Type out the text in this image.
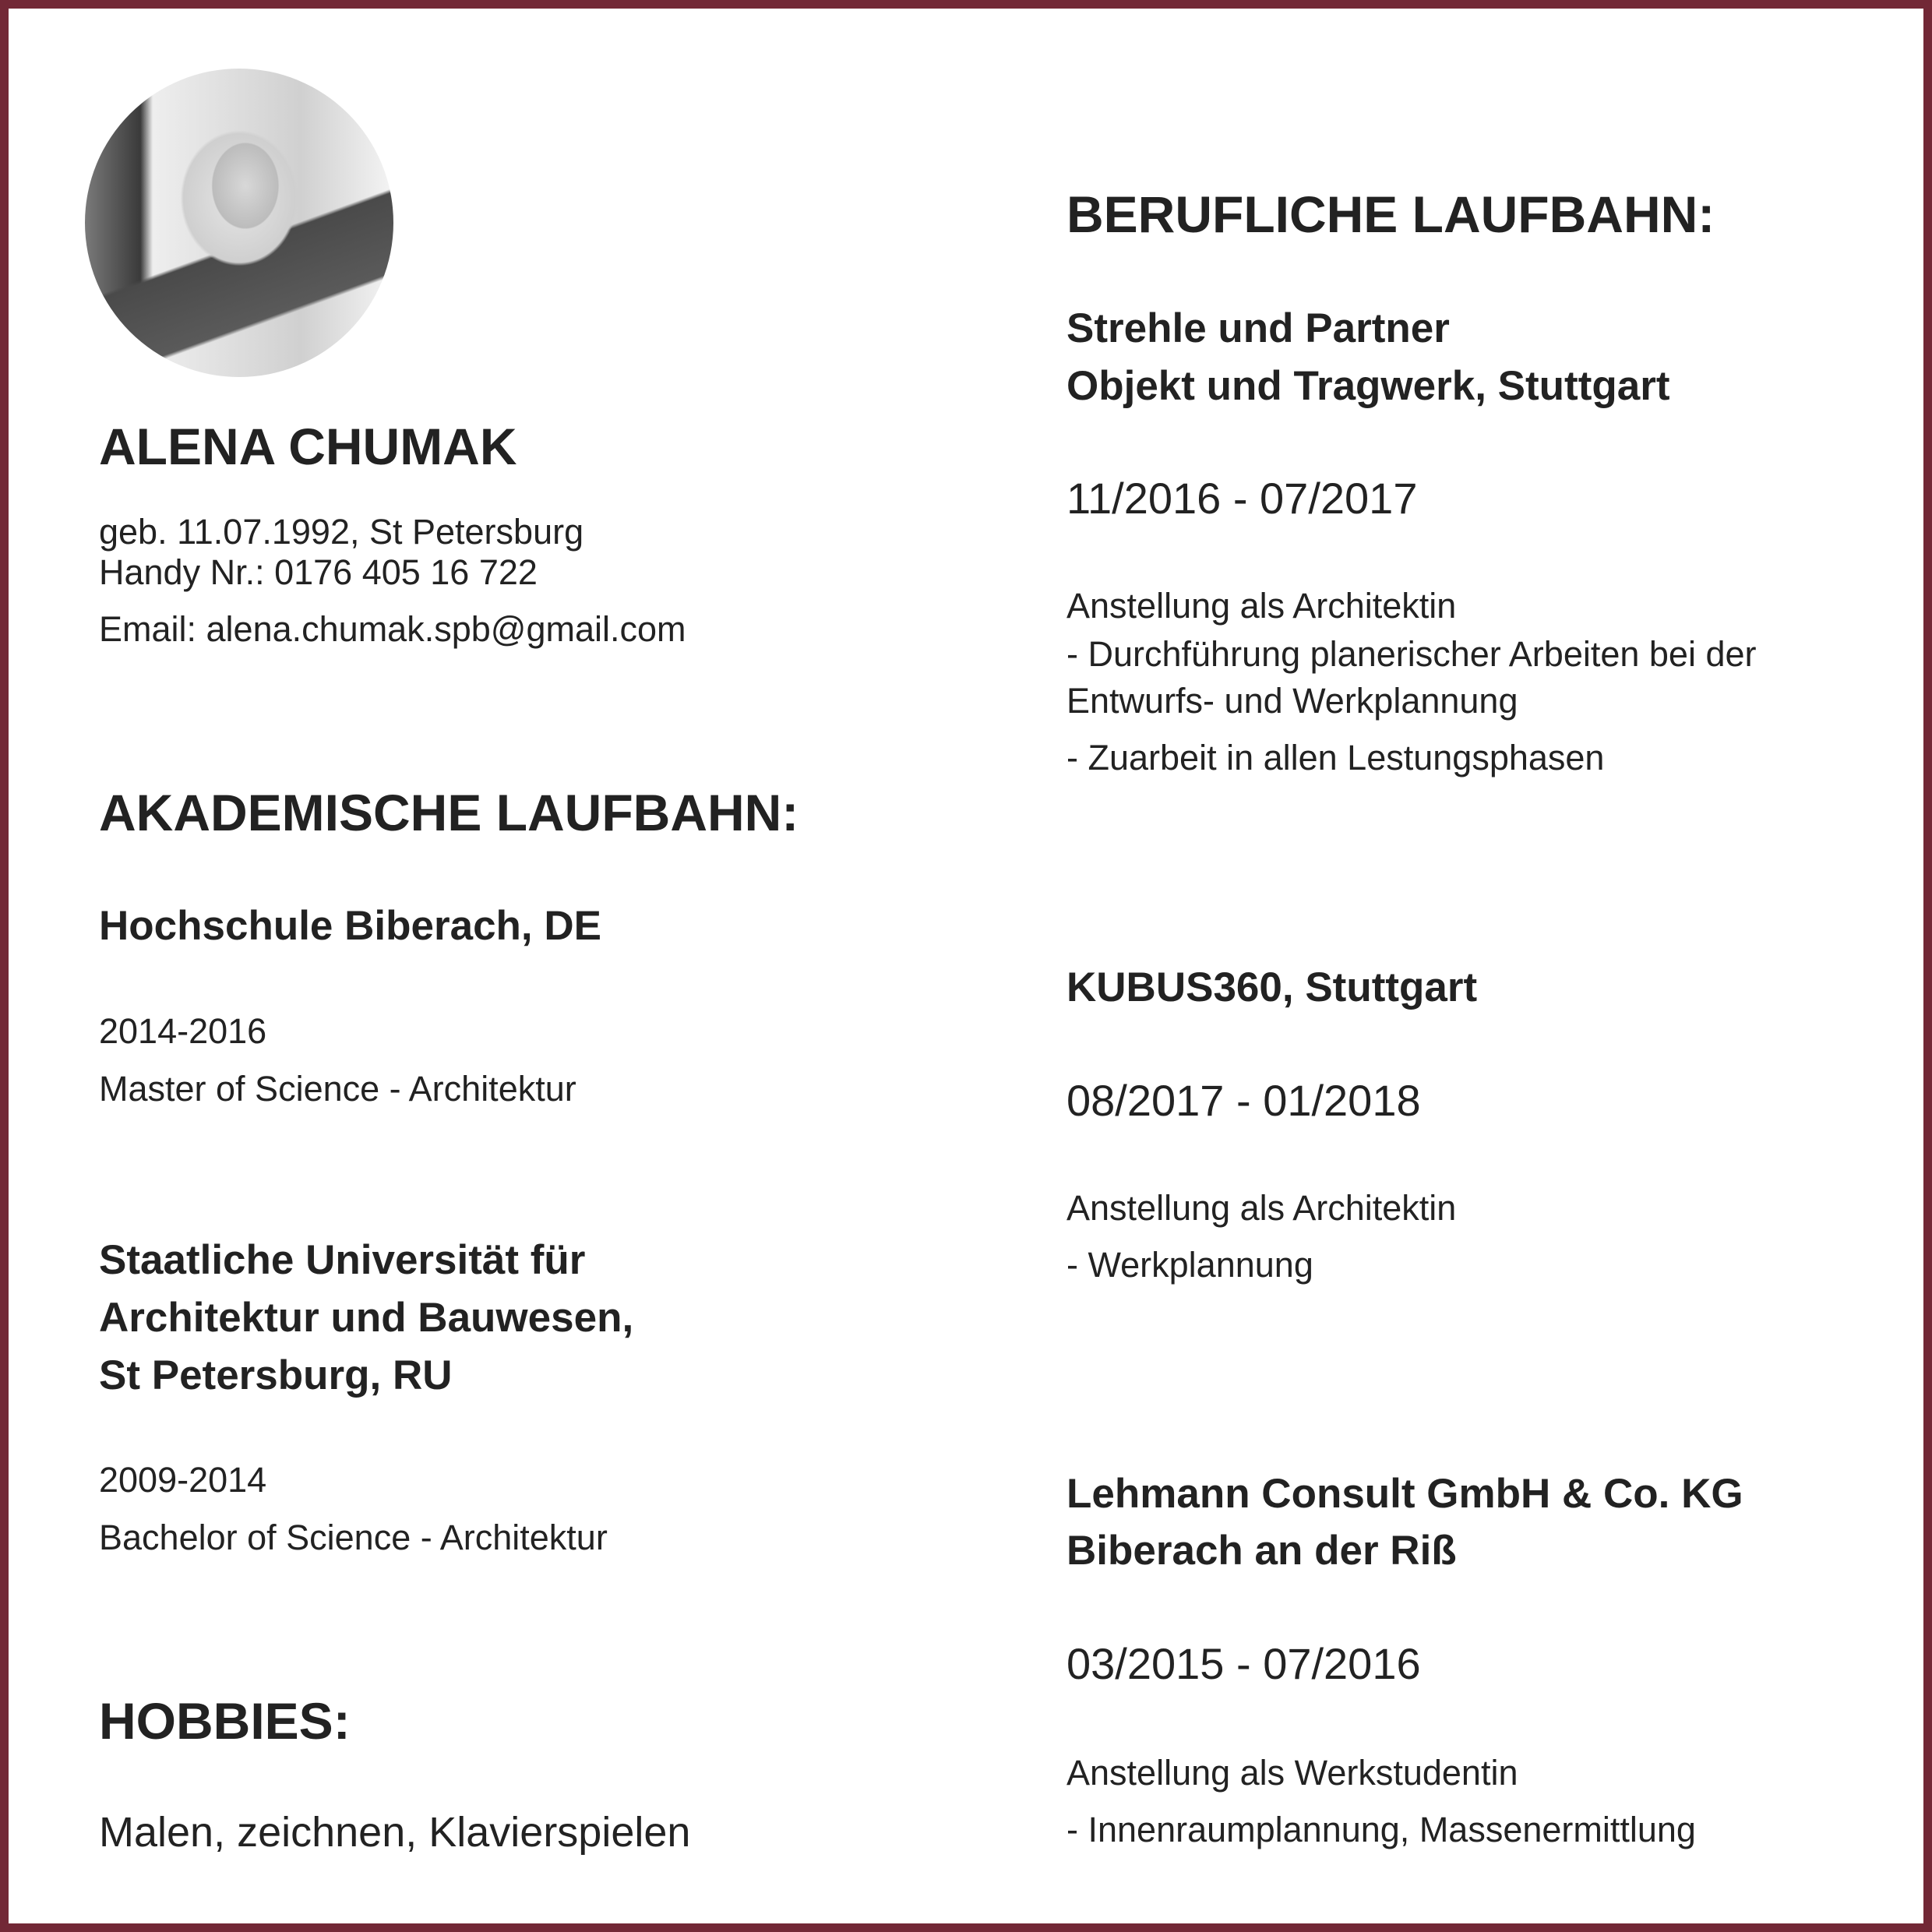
ALENA CHUMAK
geb. 11.07.1992, St Petersburg
Handy Nr.: 0176 405 16 722
Email: alena.chumak.spb@gmail.com
AKADEMISCHE LAUFBAHN:
Hochschule Biberach, DE
2014-2016
Master of Science - Architektur
Staatliche Universität für
Architektur und Bauwesen,
St Petersburg, RU
2009-2014
Bachelor of Science - Architektur
HOBBIES:
Malen, zeichnen, Klavierspielen
BERUFLICHE LAUFBAHN:
Strehle und Partner
Objekt und Tragwerk, Stuttgart
11/2016 - 07/2017
Anstellung als Architektin
- Durchführung planerischer Arbeiten bei der
Entwurfs- und Werkplannung
- Zuarbeit in allen Lestungsphasen
KUBUS360, Stuttgart
08/2017 - 01/2018
Anstellung als Architektin
- Werkplannung
Lehmann Consult GmbH & Co. KG
Biberach an der Riß
03/2015 - 07/2016
Anstellung als Werkstudentin
- Innenraumplannung, Massenermittlung
